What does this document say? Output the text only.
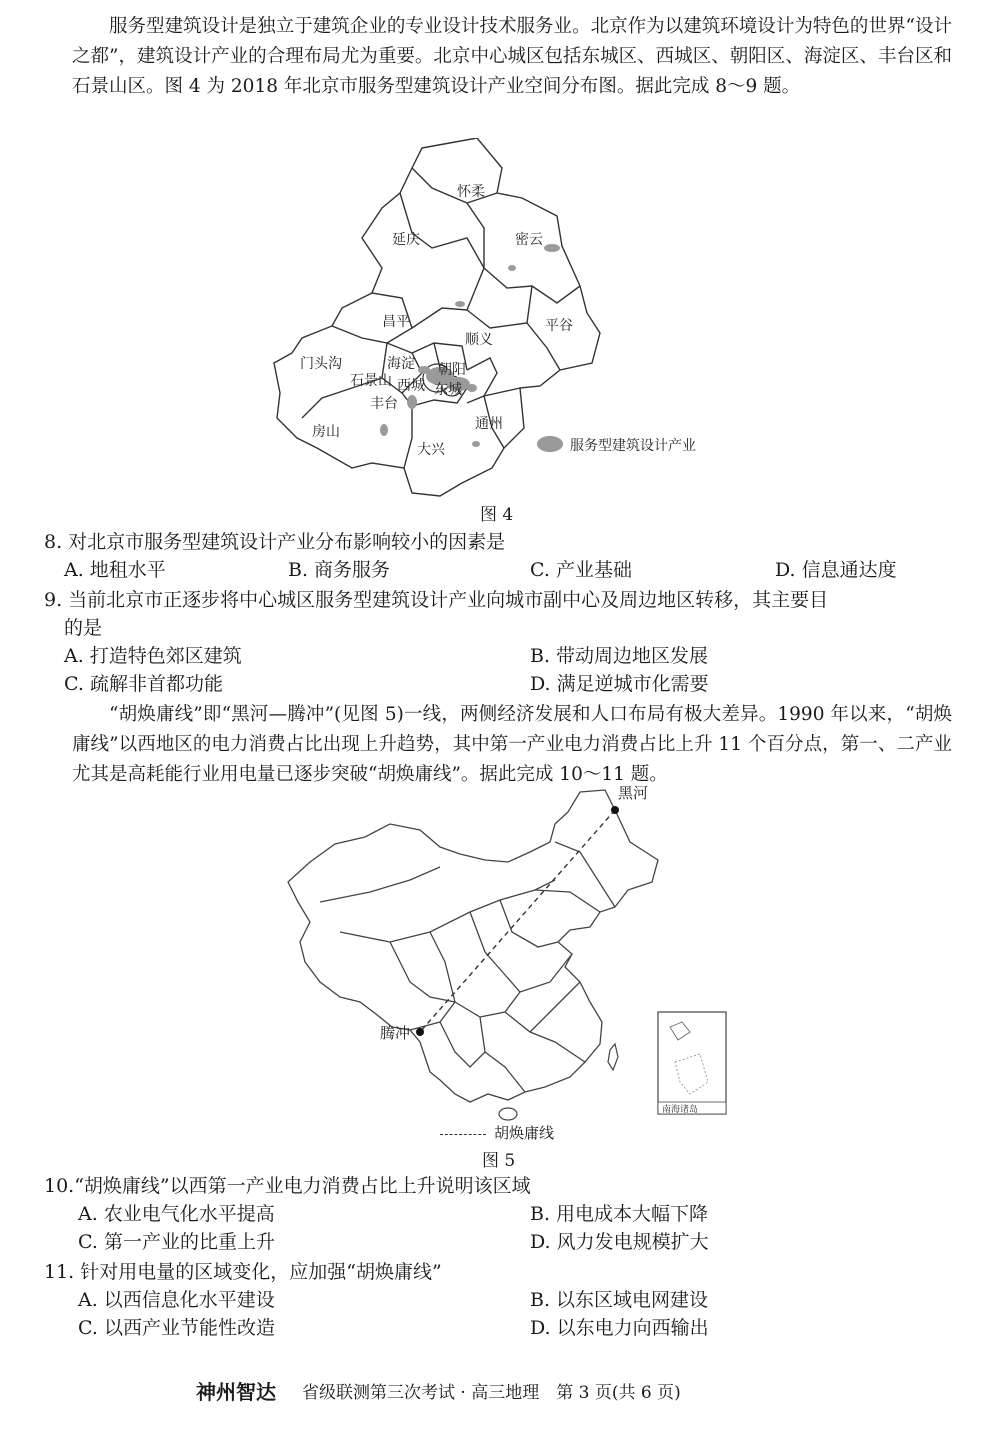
服务型建筑设计是独立于建筑企业的专业设计技术服务业。北京作为以建筑环境设计为特色的世界“设计之都”，建筑设计产业的合理布局尤为重要。北京中心城区包括东城区、西城区、朝阳区、海淀区、丰台区和石景山区。图 4 为 2018 年北京市服务型建筑设计产业空间分布图。据此完成 8～9 题。
怀柔
延庆	密云
昌平
顺义
平谷
门头沟	海淀 朝阳
石景山 西城 东城
丰台
房山	通州
大兴	服务型建筑设计产业
图 4
8. 对北京市服务型建筑设计产业分布影响较小的因素是
A. 地租水平	B. 商务服务	C. 产业基础	D. 信息通达度
9. 当前北京市正逐步将中心城区服务型建筑设计产业向城市副中心及周边地区转移，其主要目
的是
A. 打造特色郊区建筑	B. 带动周边地区发展
C. 疏解非首都功能	D. 满足逆城市化需要
“胡焕庸线”即“黑河—腾冲”(见图 5)一线，两侧经济发展和人口布局有极大差异。1990 年以来，“胡焕庸线”以西地区的电力消费占比出现上升趋势，其中第一产业电力消费占比上升 11 个百分点，第一、二产业尤其是高耗能行业用电量已逐步突破“胡焕庸线”。据此完成 10～11 题。
黑河
腾冲
南海诸岛
胡焕庸线
图 5
10.“胡焕庸线”以西第一产业电力消费占比上升说明该区域
A. 农业电气化水平提高	B. 用电成本大幅下降
C. 第一产业的比重上升	D. 风力发电规模扩大
11. 针对用电量的区域变化，应加强“胡焕庸线”
A. 以西信息化水平建设	B. 以东区域电网建设
C. 以西产业节能性改造	D. 以东电力向西输出
神州智达 省级联测第三次考试 · 高三地理　第 3 页(共 6 页)
